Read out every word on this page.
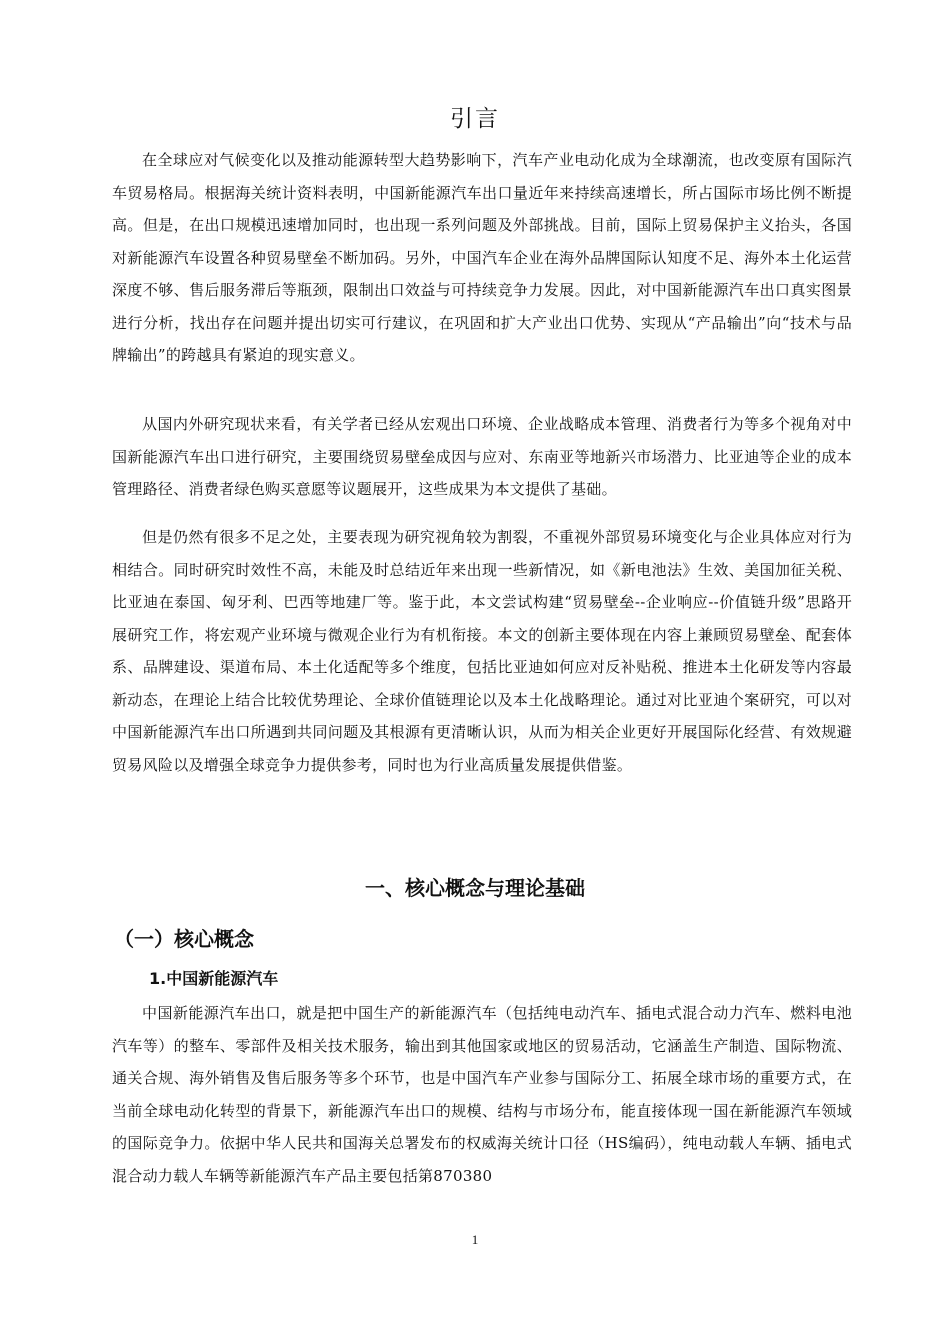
引言

在全球应对气候变化以及推动能源转型大趋势影响下，汽车产业电动化成为全球潮流，也改变原有国际汽车贸易格局。根据海关统计资料表明，中国新能源汽车出口量近年来持续高速增长，所占国际市场比例不断提高。但是，在出口规模迅速增加同时，也出现一系列问题及外部挑战。目前，国际上贸易保护主义抬头，各国对新能源汽车设置各种贸易壁垒不断加码。另外，中国汽车企业在海外品牌国际认知度不足、海外本土化运营深度不够、售后服务滞后等瓶颈，限制出口效益与可持续竞争力发展。因此，对中国新能源汽车出口真实图景进行分析，找出存在问题并提出切实可行建议，在巩固和扩大产业出口优势、实现从“产品输出”向“技术与品牌输出”的跨越具有紧迫的现实意义。

从国内外研究现状来看，有关学者已经从宏观出口环境、企业战略成本管理、消费者行为等多个视角对中国新能源汽车出口进行研究，主要围绕贸易壁垒成因与应对、东南亚等地新兴市场潜力、比亚迪等企业的成本管理路径、消费者绿色购买意愿等议题展开，这些成果为本文提供了基础。

但是仍然有很多不足之处，主要表现为研究视角较为割裂，不重视外部贸易环境变化与企业具体应对行为相结合。同时研究时效性不高，未能及时总结近年来出现一些新情况，如《新电池法》生效、美国加征关税、比亚迪在泰国、匈牙利、巴西等地建厂等。鉴于此，本文尝试构建“贸易壁垒--企业响应--价值链升级”思路开展研究工作，将宏观产业环境与微观企业行为有机衔接。本文的创新主要体现在内容上兼顾贸易壁垒、配套体系、品牌建设、渠道布局、本土化适配等多个维度，包括比亚迪如何应对反补贴税、推进本土化研发等内容最新动态，在理论上结合比较优势理论、全球价值链理论以及本土化战略理论。通过对比亚迪个案研究，可以对中国新能源汽车出口所遇到共同问题及其根源有更清晰认识，从而为相关企业更好开展国际化经营、有效规避贸易风险以及增强全球竞争力提供参考，同时也为行业高质量发展提供借鉴。

一、核心概念与理论基础
（一）核心概念
1.中国新能源汽车

中国新能源汽车出口，就是把中国生产的新能源汽车（包括纯电动汽车、插电式混合动力汽车、燃料电池汽车等）的整车、零部件及相关技术服务，输出到其他国家或地区的贸易活动，它涵盖生产制造、国际物流、通关合规、海外销售及售后服务等多个环节，也是中国汽车产业参与国际分工、拓展全球市场的重要方式，在当前全球电动化转型的背景下，新能源汽车出口的规模、结构与市场分布，能直接体现一国在新能源汽车领域的国际竞争力。依据中华人民共和国海关总署发布的权威海关统计口径（HS编码），纯电动载人车辆、插电式混合动力载人车辆等新能源汽车产品主要包括第870380

1
